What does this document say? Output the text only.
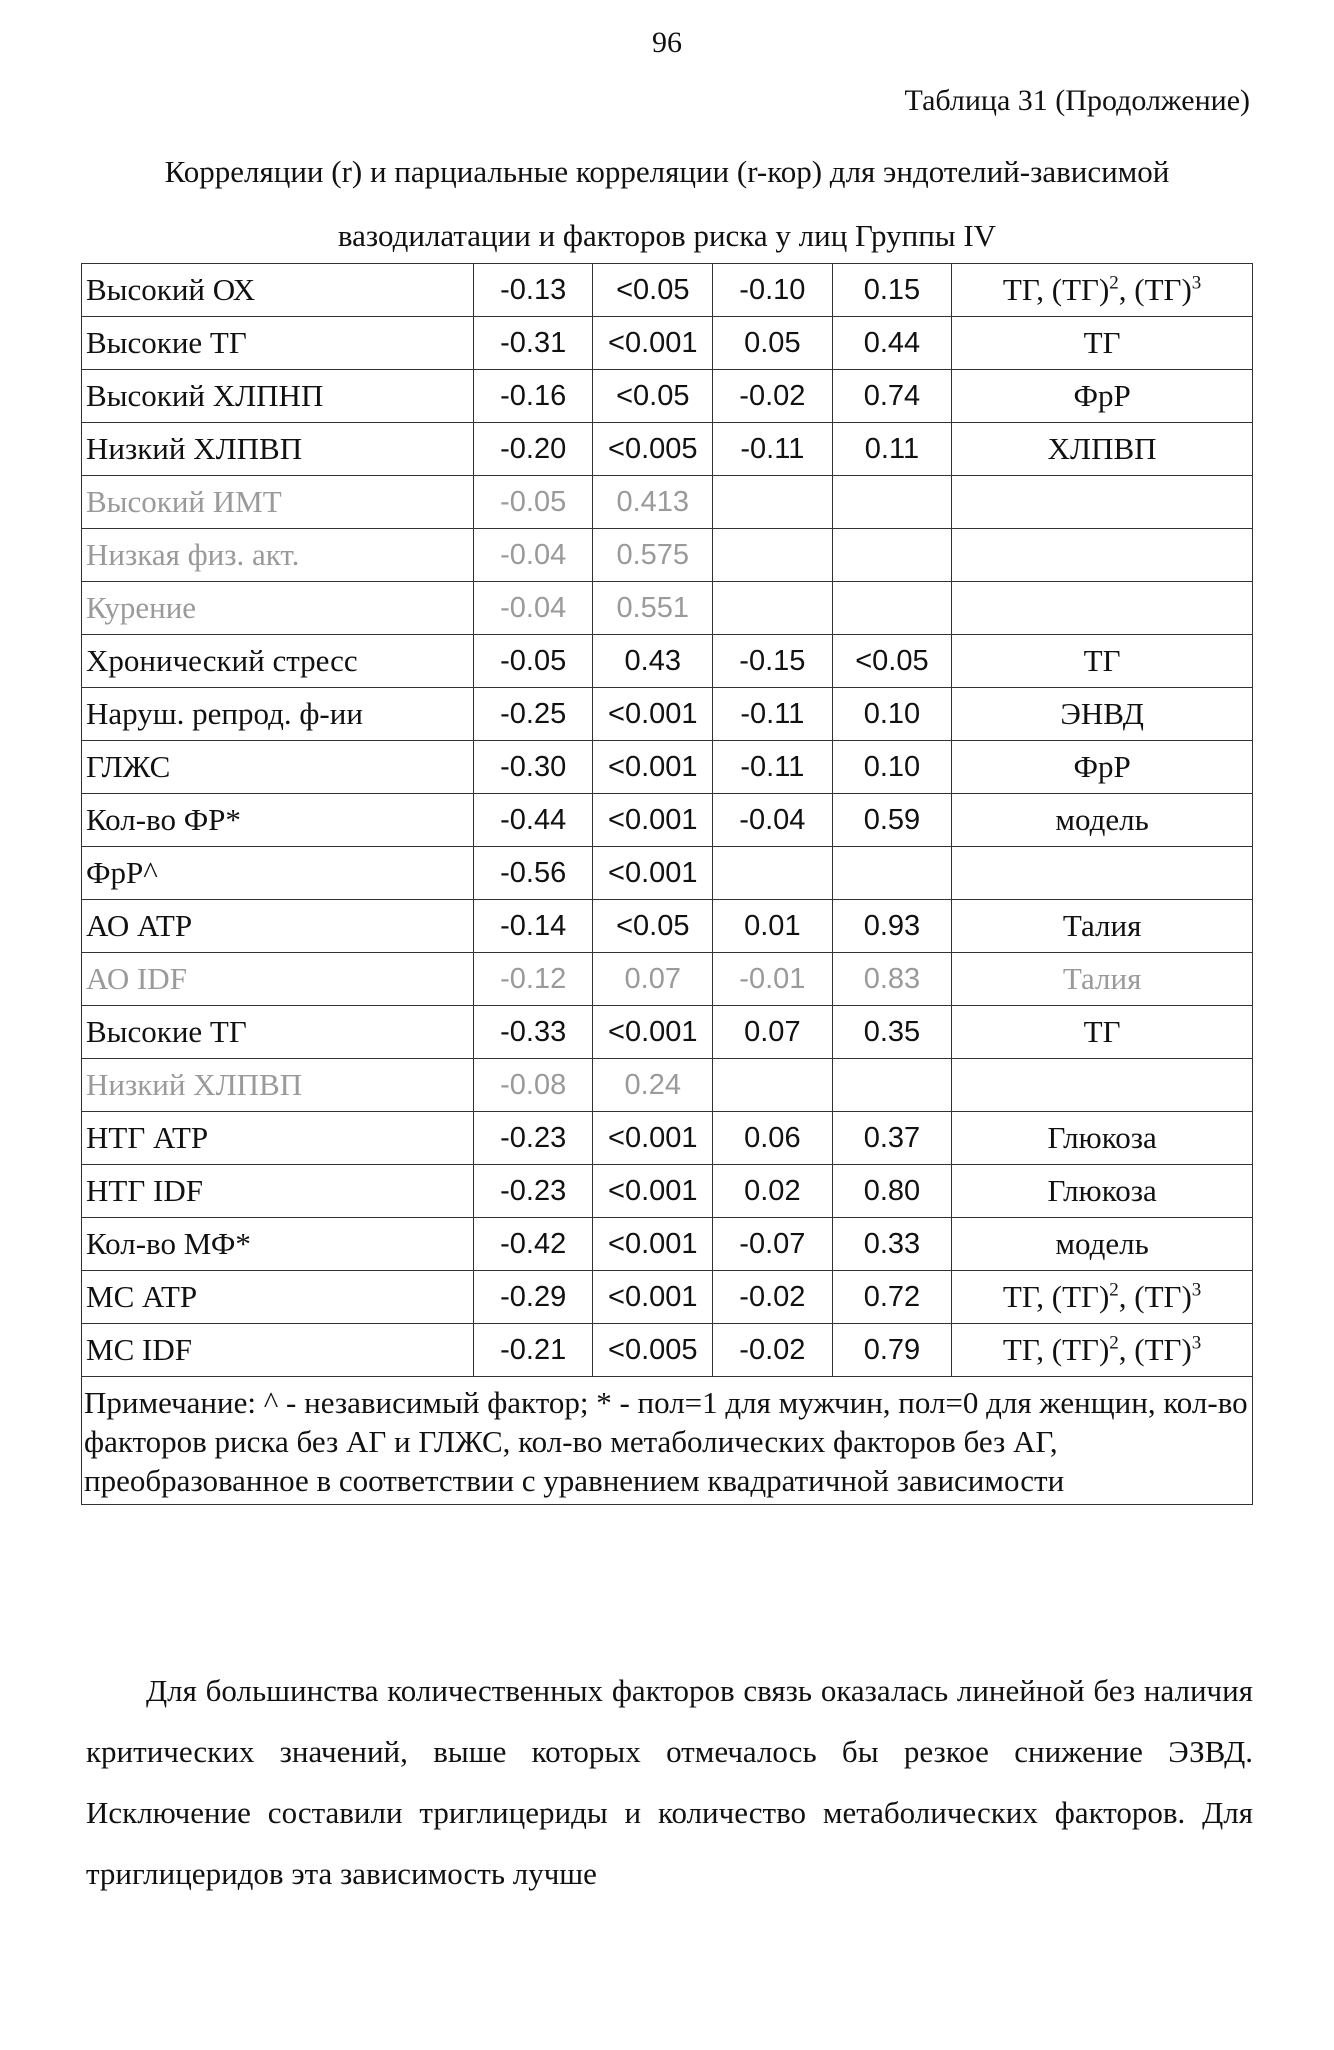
96
Таблица 31 (Продолжение)
Корреляции (r) и парциальные корреляции (r-кор) для эндотелий-зависимой вазодилатации и факторов риска у лиц Группы IV
Высокий ОХ	-0.13	<0.05	-0.10	0.15	ТГ, (ТГ)$^2$, (ТГ)$^3$
Высокие ТГ	-0.31	<0.001	0.05	0.44	ТГ
Высокий ХЛПНП	-0.16	<0.05	-0.02	0.74	ФрР
Низкий ХЛПВП	-0.20	<0.005	-0.11	0.11	ХЛПВП
Высокий ИМТ	-0.05	0.413			
Низкая физ. акт.	-0.04	0.575			
Курение	-0.04	0.551			
Хронический стресс	-0.05	0.43	-0.15	<0.05	ТГ
Наруш. репрод. ф-ии	-0.25	<0.001	-0.11	0.10	ЭНВД
ГЛЖС	-0.30	<0.001	-0.11	0.10	ФрР
Кол-во ФР*	-0.44	<0.001	-0.04	0.59	модель
ФрР^	-0.56	<0.001			
АО ATP	-0.14	<0.05	0.01	0.93	Талия
АО IDF	-0.12	0.07	-0.01	0.83	Талия
Высокие ТГ	-0.33	<0.001	0.07	0.35	ТГ
Низкий ХЛПВП	-0.08	0.24			
НТГ ATP	-0.23	<0.001	0.06	0.37	Глюкоза
НТГ IDF	-0.23	<0.001	0.02	0.80	Глюкоза
Кол-во МФ*	-0.42	<0.001	-0.07	0.33	модель
МС ATP	-0.29	<0.001	-0.02	0.72	ТГ, (ТГ)$^2$, (ТГ)$^3$
МС IDF	-0.21	<0.005	-0.02	0.79	ТГ, (ТГ)$^2$, (ТГ)$^3$
Примечание: ^ - независимый фактор; * - пол=1 для мужчин, пол=0 для женщин, кол-во факторов риска без АГ и ГЛЖС, кол-во метаболических факторов без АГ, преобразованное в соответствии с уравнением квадратичной зависимости					
Для большинства количественных факторов связь оказалась линейной без наличия критических значений, выше которых отмечалось бы резкое снижение ЭЗВД. Исключение составили триглицериды и количество метаболических факторов. Для триглицеридов эта зависимость лучше
